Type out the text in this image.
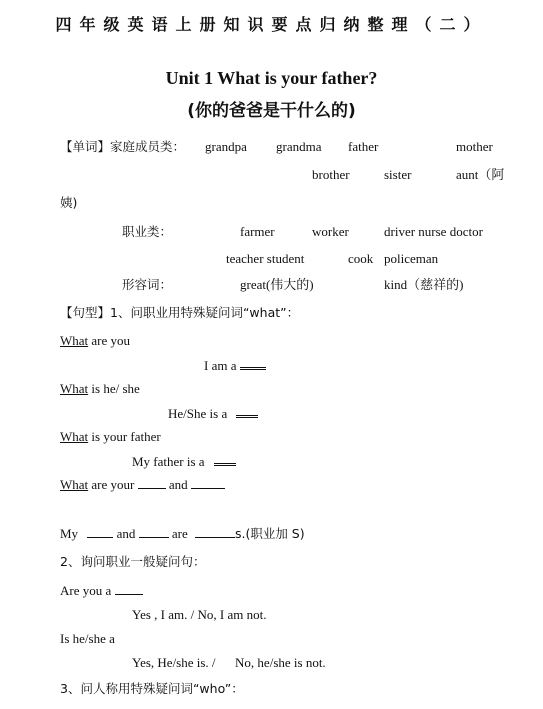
四年级英语上册知识要点归纳整理（二）
Unit 1 What is your father?
(你的爸爸是干什么的)
【单词】家庭成员类： grandpa grandma father	mother
brother	sister	aunt（阿
姨)
职业类：	farmer	worker	driver nurse doctor
teacher student	cook policeman
形容词：	great(伟大的)	kind（慈祥的)
【句型】1、问职业用特殊疑问词“what”：
What are you
I am a
What is he/ she
He/She is a
What is your father
My father is a
What are your	and
My	and	are	s.(职业加 S)
2、询问职业一般疑问句：
Are you a
Yes , I am. / No, I am not.
Is he/she a
Yes, He/she is. /      No, he/she is not.
3、问人称用特殊疑问词“who”：
